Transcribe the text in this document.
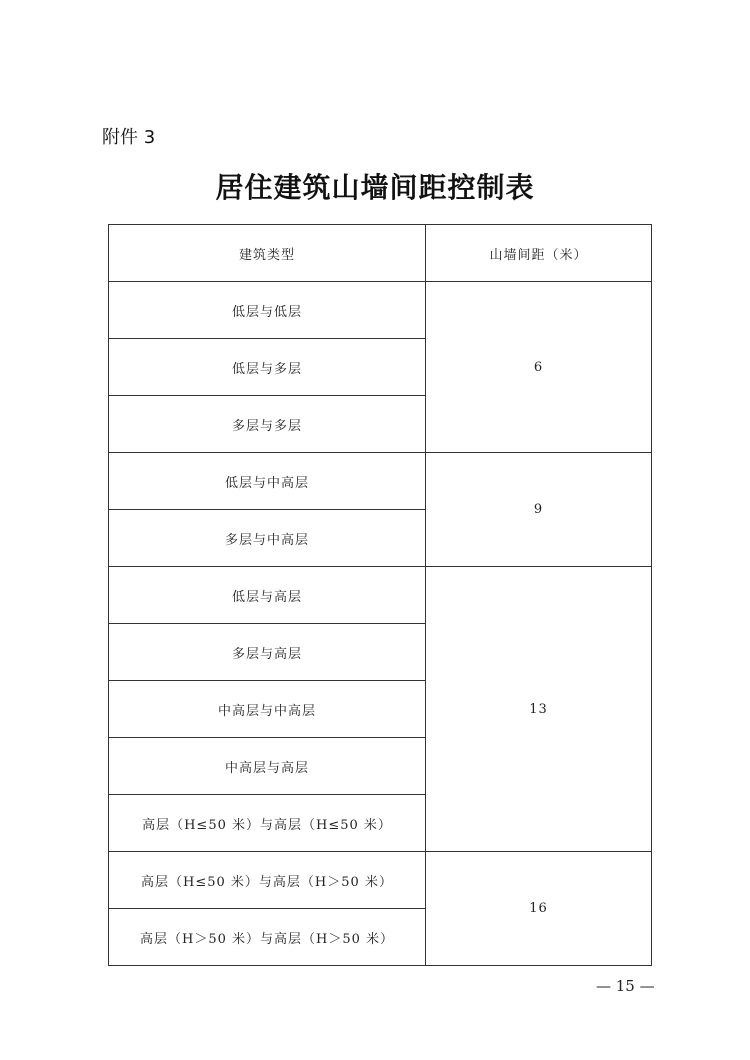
附件 3
居住建筑山墙间距控制表
建筑类型	山墙间距（米）
低层与低层	6
低层与多层	
多层与多层	
低层与中高层	9
多层与中高层	
低层与高层	13
多层与高层	
中高层与中高层	
中高层与高层	
高层（H≤50 米）与高层（H≤50 米）	
高层（H≤50 米）与高层（H＞50 米）	16
高层（H＞50 米）与高层（H＞50 米）	
— 15 —
